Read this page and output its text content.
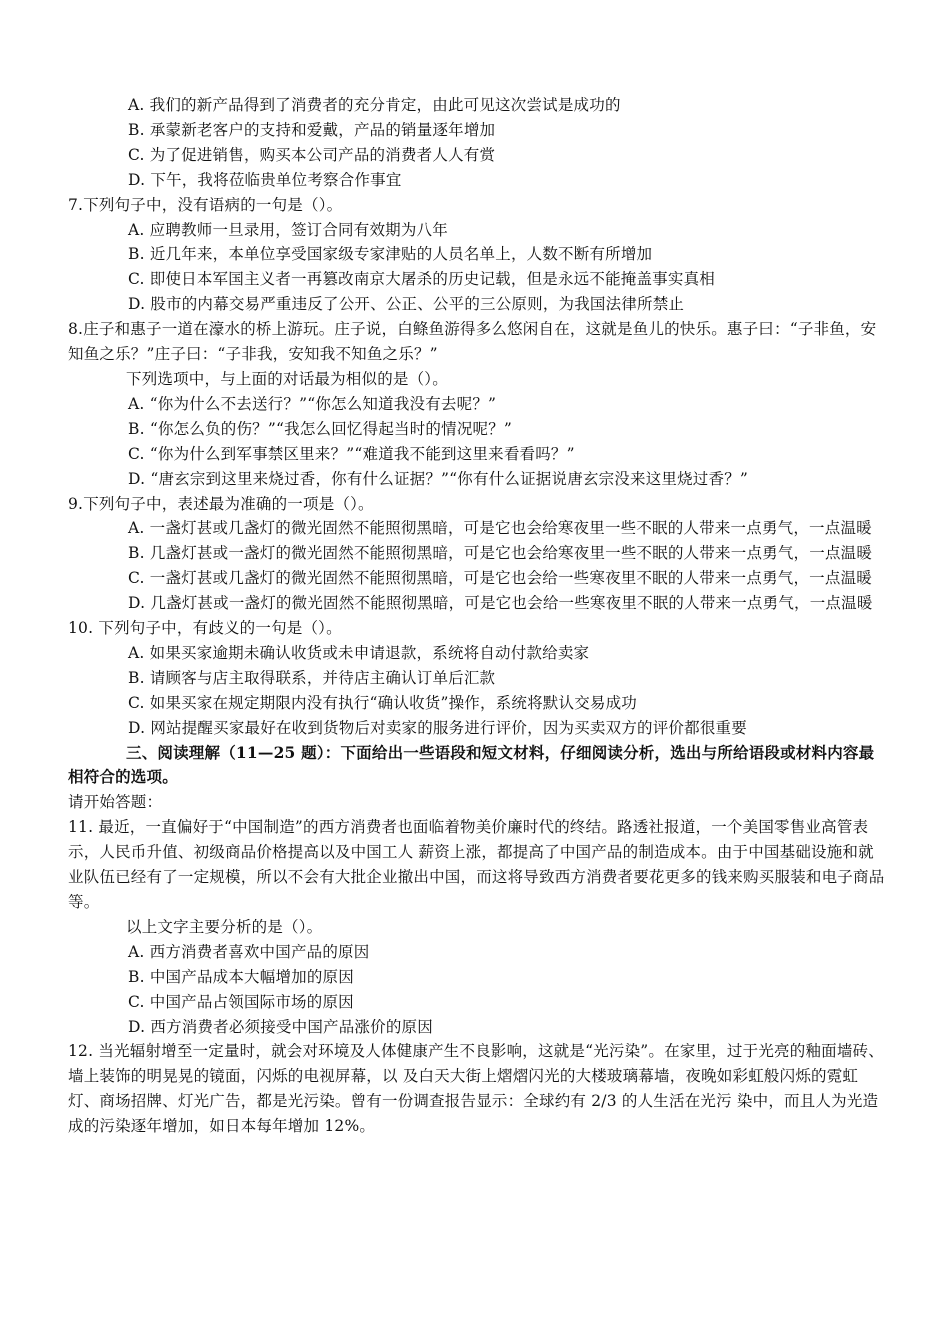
A. 我们的新产品得到了消费者的充分肯定，由此可见这次尝试是成功的
B. 承蒙新老客户的支持和爱戴，产品的销量逐年增加
C. 为了促进销售，购买本公司产品的消费者人人有赏
D. 下午，我将莅临贵单位考察合作事宜
7.下列句子中，没有语病的一句是（）。
A. 应聘教师一旦录用，签订合同有效期为八年
B. 近几年来，本单位享受国家级专家津贴的人员名单上，人数不断有所增加
C. 即使日本军国主义者一再篡改南京大屠杀的历史记载，但是永远不能掩盖事实真相
D. 股市的内幕交易严重违反了公开、公正、公平的三公原则，为我国法律所禁止
8.庄子和惠子一道在濠水的桥上游玩。庄子说，白鲦鱼游得多么悠闲自在，这就是鱼儿的快乐。惠子曰：“子非鱼，安知鱼之乐？”庄子曰：“子非我，安知我不知鱼之乐？”
下列选项中，与上面的对话最为相似的是（）。
A. “你为什么不去送行？”“你怎么知道我没有去呢？”
B. “你怎么负的伤？”“我怎么回忆得起当时的情况呢？”
C. “你为什么到军事禁区里来？”“难道我不能到这里来看看吗？”
D. “唐玄宗到这里来烧过香，你有什么证据？”“你有什么证据说唐玄宗没来这里烧过香？”
9.下列句子中，表述最为准确的一项是（）。
A. 一盏灯甚或几盏灯的微光固然不能照彻黑暗，可是它也会给寒夜里一些不眠的人带来一点勇气，一点温暖
B. 几盏灯甚或一盏灯的微光固然不能照彻黑暗，可是它也会给寒夜里一些不眠的人带来一点勇气，一点温暖
C. 一盏灯甚或几盏灯的微光固然不能照彻黑暗，可是它也会给一些寒夜里不眠的人带来一点勇气，一点温暖
D. 几盏灯甚或一盏灯的微光固然不能照彻黑暗，可是它也会给一些寒夜里不眠的人带来一点勇气，一点温暖
10. 下列句子中，有歧义的一句是（）。
A. 如果买家逾期未确认收货或未申请退款，系统将自动付款给卖家
B. 请顾客与店主取得联系，并待店主确认订单后汇款
C. 如果买家在规定期限内没有执行“确认收货”操作，系统将默认交易成功
D. 网站提醒买家最好在收到货物后对卖家的服务进行评价，因为买卖双方的评价都很重要
三、阅读理解（11—25 题）：下面给出一些语段和短文材料，仔细阅读分析，选出与所给语段或材料内容最相符合的选项。
请开始答题：
11. 最近，一直偏好于“中国制造”的西方消费者也面临着物美价廉时代的终结。路透社报道，一个美国零售业高管表示，人民币升值、初级商品价格提高以及中国工人 薪资上涨，都提高了中国产品的制造成本。由于中国基础设施和就业队伍已经有了一定规模，所以不会有大批企业撤出中国，而这将导致西方消费者要花更多的钱来购买服装和电子商品等。
以上文字主要分析的是（）。
A. 西方消费者喜欢中国产品的原因
B. 中国产品成本大幅增加的原因
C. 中国产品占领国际市场的原因
D. 西方消费者必须接受中国产品涨价的原因
12. 当光辐射增至一定量时，就会对环境及人体健康产生不良影响，这就是“光污染”。在家里，过于光亮的釉面墙砖、墙上装饰的明晃晃的镜面，闪烁的电视屏幕，以 及白天大街上熠熠闪光的大楼玻璃幕墙，夜晚如彩虹般闪烁的霓虹灯、商场招牌、灯光广告，都是光污染。曾有一份调查报告显示：全球约有 2/3 的人生活在光污 染中，而且人为光造成的污染逐年增加，如日本每年增加 12%。
